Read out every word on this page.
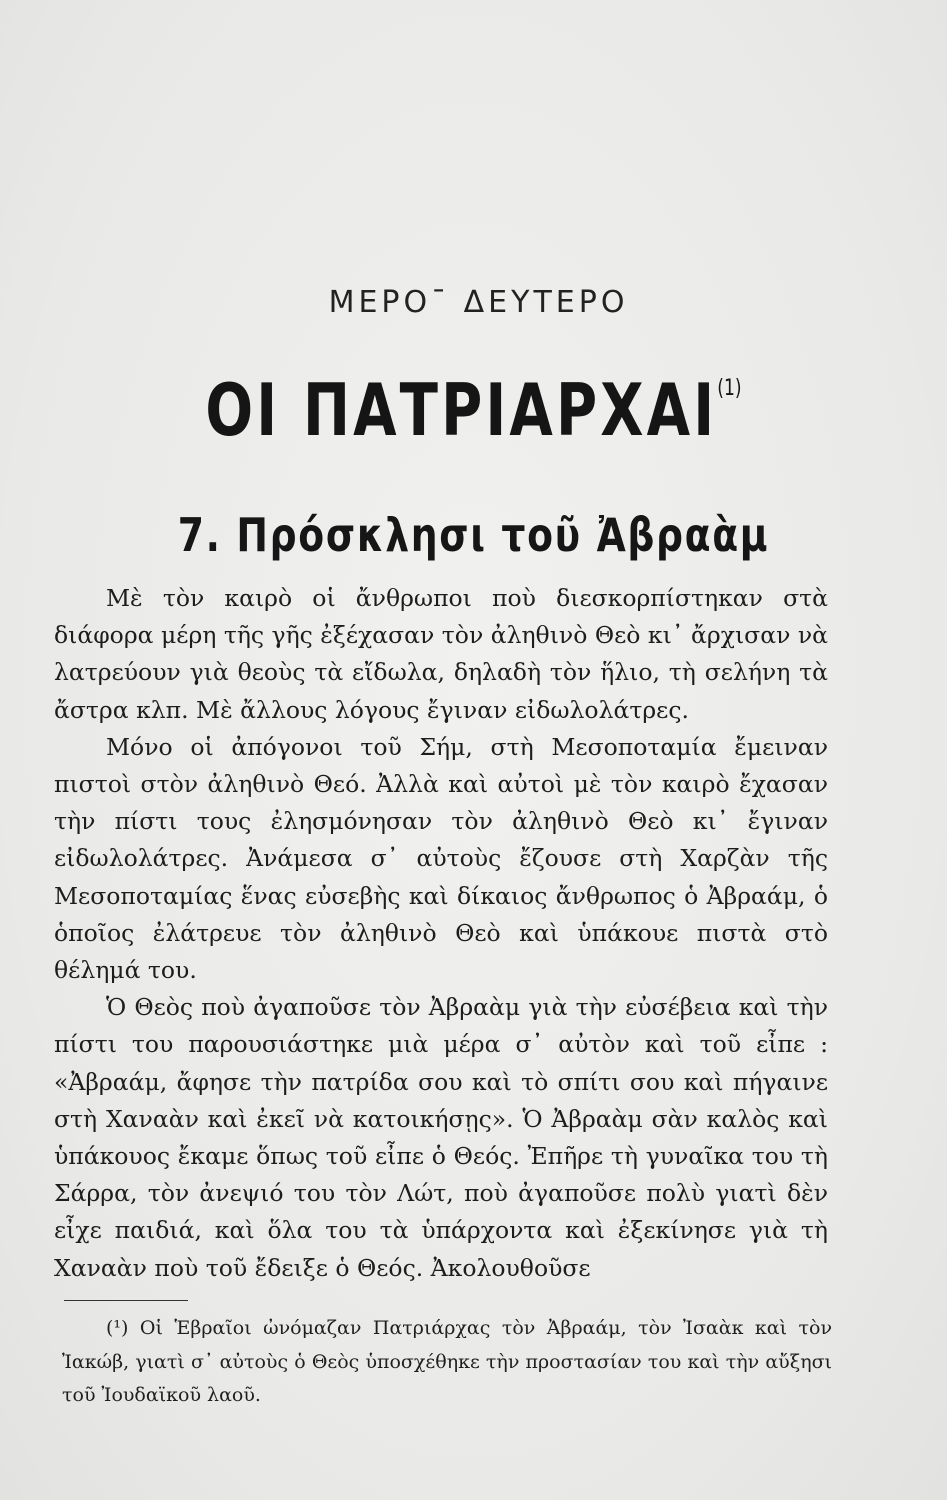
ΜΕΡΟ¯ ΔΕΥΤΕΡΟ
ΟΙ ΠΑΤΡΙΑΡΧΑΙ$^{(1)}$
7. Πρόσκλησι τοῦ Ἀβραὰμ

Μὲ τὸν καιρὸ οἱ ἄνθρωποι ποὺ διεσκορπίστηκαν στὰ διάφορα μέρη τῆς γῆς ἐξέχασαν τὸν ἀληθινὸ Θεὸ κι᾿ ἄρχισαν νὰ λατρεύουν γιὰ θεοὺς τὰ εἴδωλα, δηλαδὴ τὸν ἥλιο, τὴ σελήνη τὰ ἄστρα κλπ. Μὲ ἄλλους λόγους ἔγιναν εἰδωλολάτρες.

Μόνο οἱ ἀπόγονοι τοῦ Σήμ, στὴ Μεσοποταμία ἔμειναν πιστοὶ στὸν ἀληθινὸ Θεό. Ἀλλὰ καὶ αὐτοὶ μὲ τὸν καιρὸ ἔχασαν τὴν πίστι τους ἐλησμόνησαν τὸν ἀληθινὸ Θεὸ κι᾿ ἔγιναν εἰδωλολάτρες. Ἀνάμεσα σ᾿ αὐτοὺς ἔζουσε στὴ Χαρζὰν τῆς Μεσοποταμίας ἕνας εὐσεβὴς καὶ δίκαιος ἄνθρωπος ὁ Ἀβραάμ, ὁ ὁποῖος ἐλάτρευε τὸν ἀληθινὸ Θεὸ καὶ ὑπάκουε πιστὰ στὸ θέλημά του.

Ὁ Θεὸς ποὺ ἀγαποῦσε τὸν Ἀβραὰμ γιὰ τὴν εὐσέβεια καὶ τὴν πίστι του παρουσιάστηκε μιὰ μέρα σ᾿ αὐτὸν καὶ τοῦ εἶπε : «Ἀβραάμ, ἄφησε τὴν πατρίδα σου καὶ τὸ σπίτι σου καὶ πήγαινε στὴ Χαναὰν καὶ ἐκεῖ νὰ κατοικήσῃς». Ὁ Ἀβραὰμ σὰν καλὸς καὶ ὑπάκουος ἔκαμε ὅπως τοῦ εἶπε ὁ Θεός. Ἐπῆρε τὴ γυναῖκα του τὴ Σάρρα, τὸν ἀνεψιό του τὸν Λώτ, ποὺ ἀγαποῦσε πολὺ γιατὶ δὲν εἶχε παιδιά, καὶ ὅλα του τὰ ὑπάρχοντα καὶ ἐξεκίνησε γιὰ τὴ Χαναὰν ποὺ τοῦ ἔδειξε ὁ Θεός. Ἀκολουθοῦσε

(¹) Οἱ Ἑβραῖοι ὠνόμαζαν Πατριάρχας τὸν Ἀβραάμ, τὸν Ἰσαὰκ καὶ τὸν Ἰακώβ, γιατὶ σ᾿ αὐτοὺς ὁ Θεὸς ὑποσχέθηκε τὴν προστασίαν του καὶ τὴν αὔξησι τοῦ Ἰουδαϊκοῦ λαοῦ.
